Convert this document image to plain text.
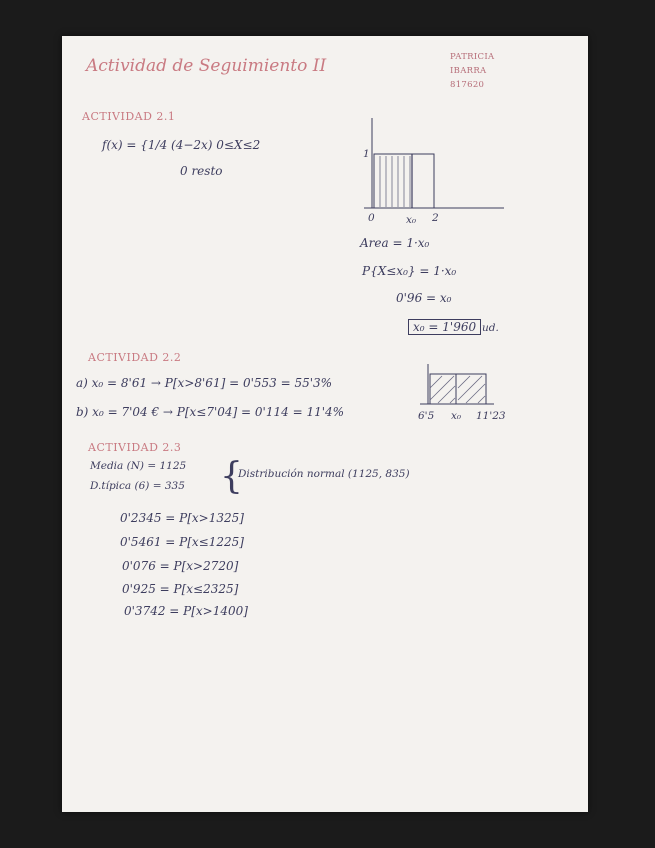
Actividad de Seguimiento II	PATRICIA
IBARRA
817620
ACTIVIDAD 2.1
f(x) = {1/4 (4−2x) 0≤X≤2
0 resto
1
0	x₀ 2
Area = 1·x₀
P{X≤x₀} = 1·x₀
0'96 = x₀
x₀ = 1'960 ud.
ACTIVIDAD 2.2
a) x₀ = 8'61 → P[x>8'61] = 0'553 = 55'3%
b) x₀ = 7'04 € → P[x≤7'04] = 0'114 = 11'4%	6'5 x₀ 11'23
ACTIVIDAD 2.3
Media (N) = 1125
D.típica (6) = 335 {
Distribución normal (1125, 835)
0'2345 = P[x>1325]
0'5461 = P[x≤1225]
0'076 = P[x>2720]
0'925 = P[x≤2325]
0'3742 = P[x>1400]
